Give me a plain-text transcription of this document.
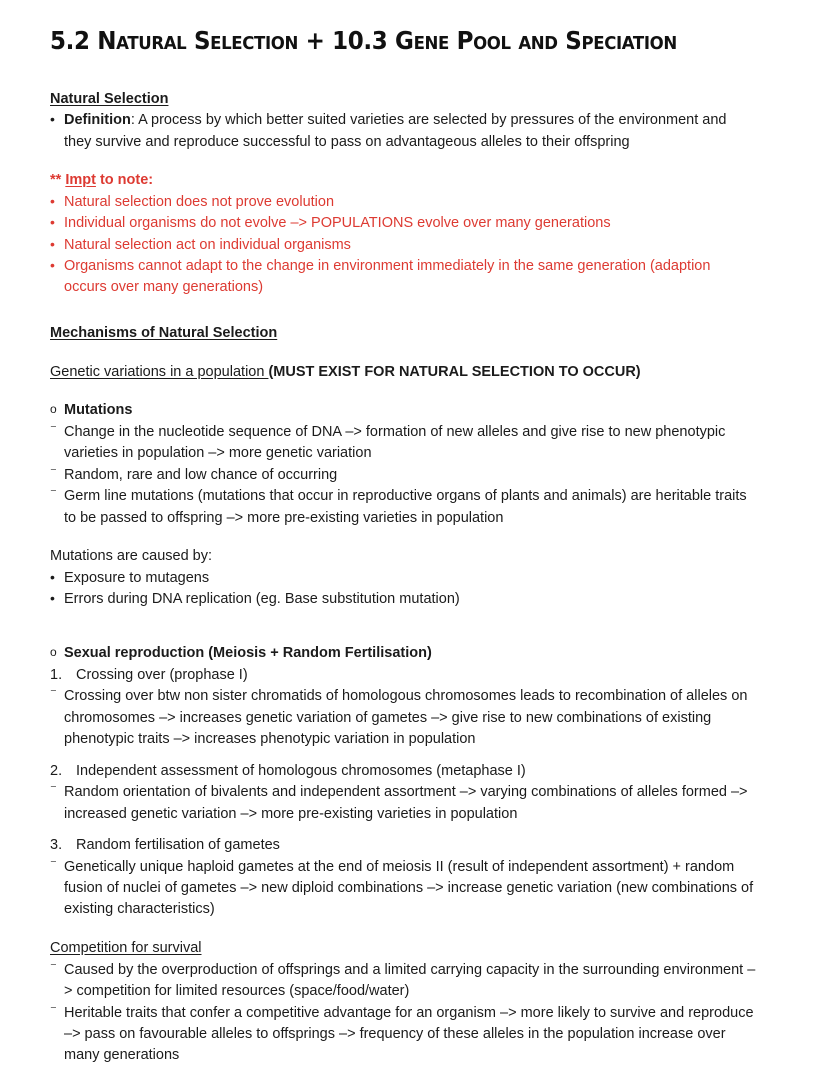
5.2 Natural Selection + 10.3 Gene Pool and Speciation
Natural Selection
• Definition: A process by which better suited varieties are selected by pressures of the environment and they survive and reproduce successful to pass on advantageous alleles to their offspring
** Impt to note:
• Natural selection does not prove evolution
• Individual organisms do not evolve –> POPULATIONS evolve over many generations
• Natural selection act on individual organisms
• Organisms cannot adapt to the change in environment immediately in the same generation (adaption occurs over many generations)
Mechanisms of Natural Selection
Genetic variations in a population (MUST EXIST FOR NATURAL SELECTION TO OCCUR)
o Mutations
⁻ Change in the nucleotide sequence of DNA –> formation of new alleles and give rise to new phenotypic varieties in population –> more genetic variation
⁻ Random, rare and low chance of occurring
⁻ Germ line mutations (mutations that occur in reproductive organs of plants and animals) are heritable traits to be passed to offspring –> more pre-existing varieties in population
Mutations are caused by:
• Exposure to mutagens
• Errors during DNA replication (eg. Base substitution mutation)
o Sexual reproduction (Meiosis + Random Fertilisation)
1. Crossing over (prophase I)
⁻ Crossing over btw non sister chromatids of homologous chromosomes leads to recombination of alleles on chromosomes –> increases genetic variation of gametes –> give rise to new combinations of existing phenotypic traits –> increases phenotypic variation in population
2. Independent assessment of homologous chromosomes (metaphase I)
⁻ Random orientation of bivalents and independent assortment –> varying combinations of alleles formed –> increased genetic variation –> more pre-existing varieties in population
3. Random fertilisation of gametes
⁻ Genetically unique haploid gametes at the end of meiosis II (result of independent assortment) + random fusion of nuclei of gametes –> new diploid combinations –> increase genetic variation (new combinations of existing characteristics)
Competition for survival
⁻ Caused by the overproduction of offsprings and a limited carrying capacity in the surrounding environment –> competition for limited resources (space/food/water)
⁻ Heritable traits that confer a competitive advantage for an organism –> more likely to survive and reproduce –> pass on favourable alleles to offsprings –> frequency of these alleles in the population increase over many generations
